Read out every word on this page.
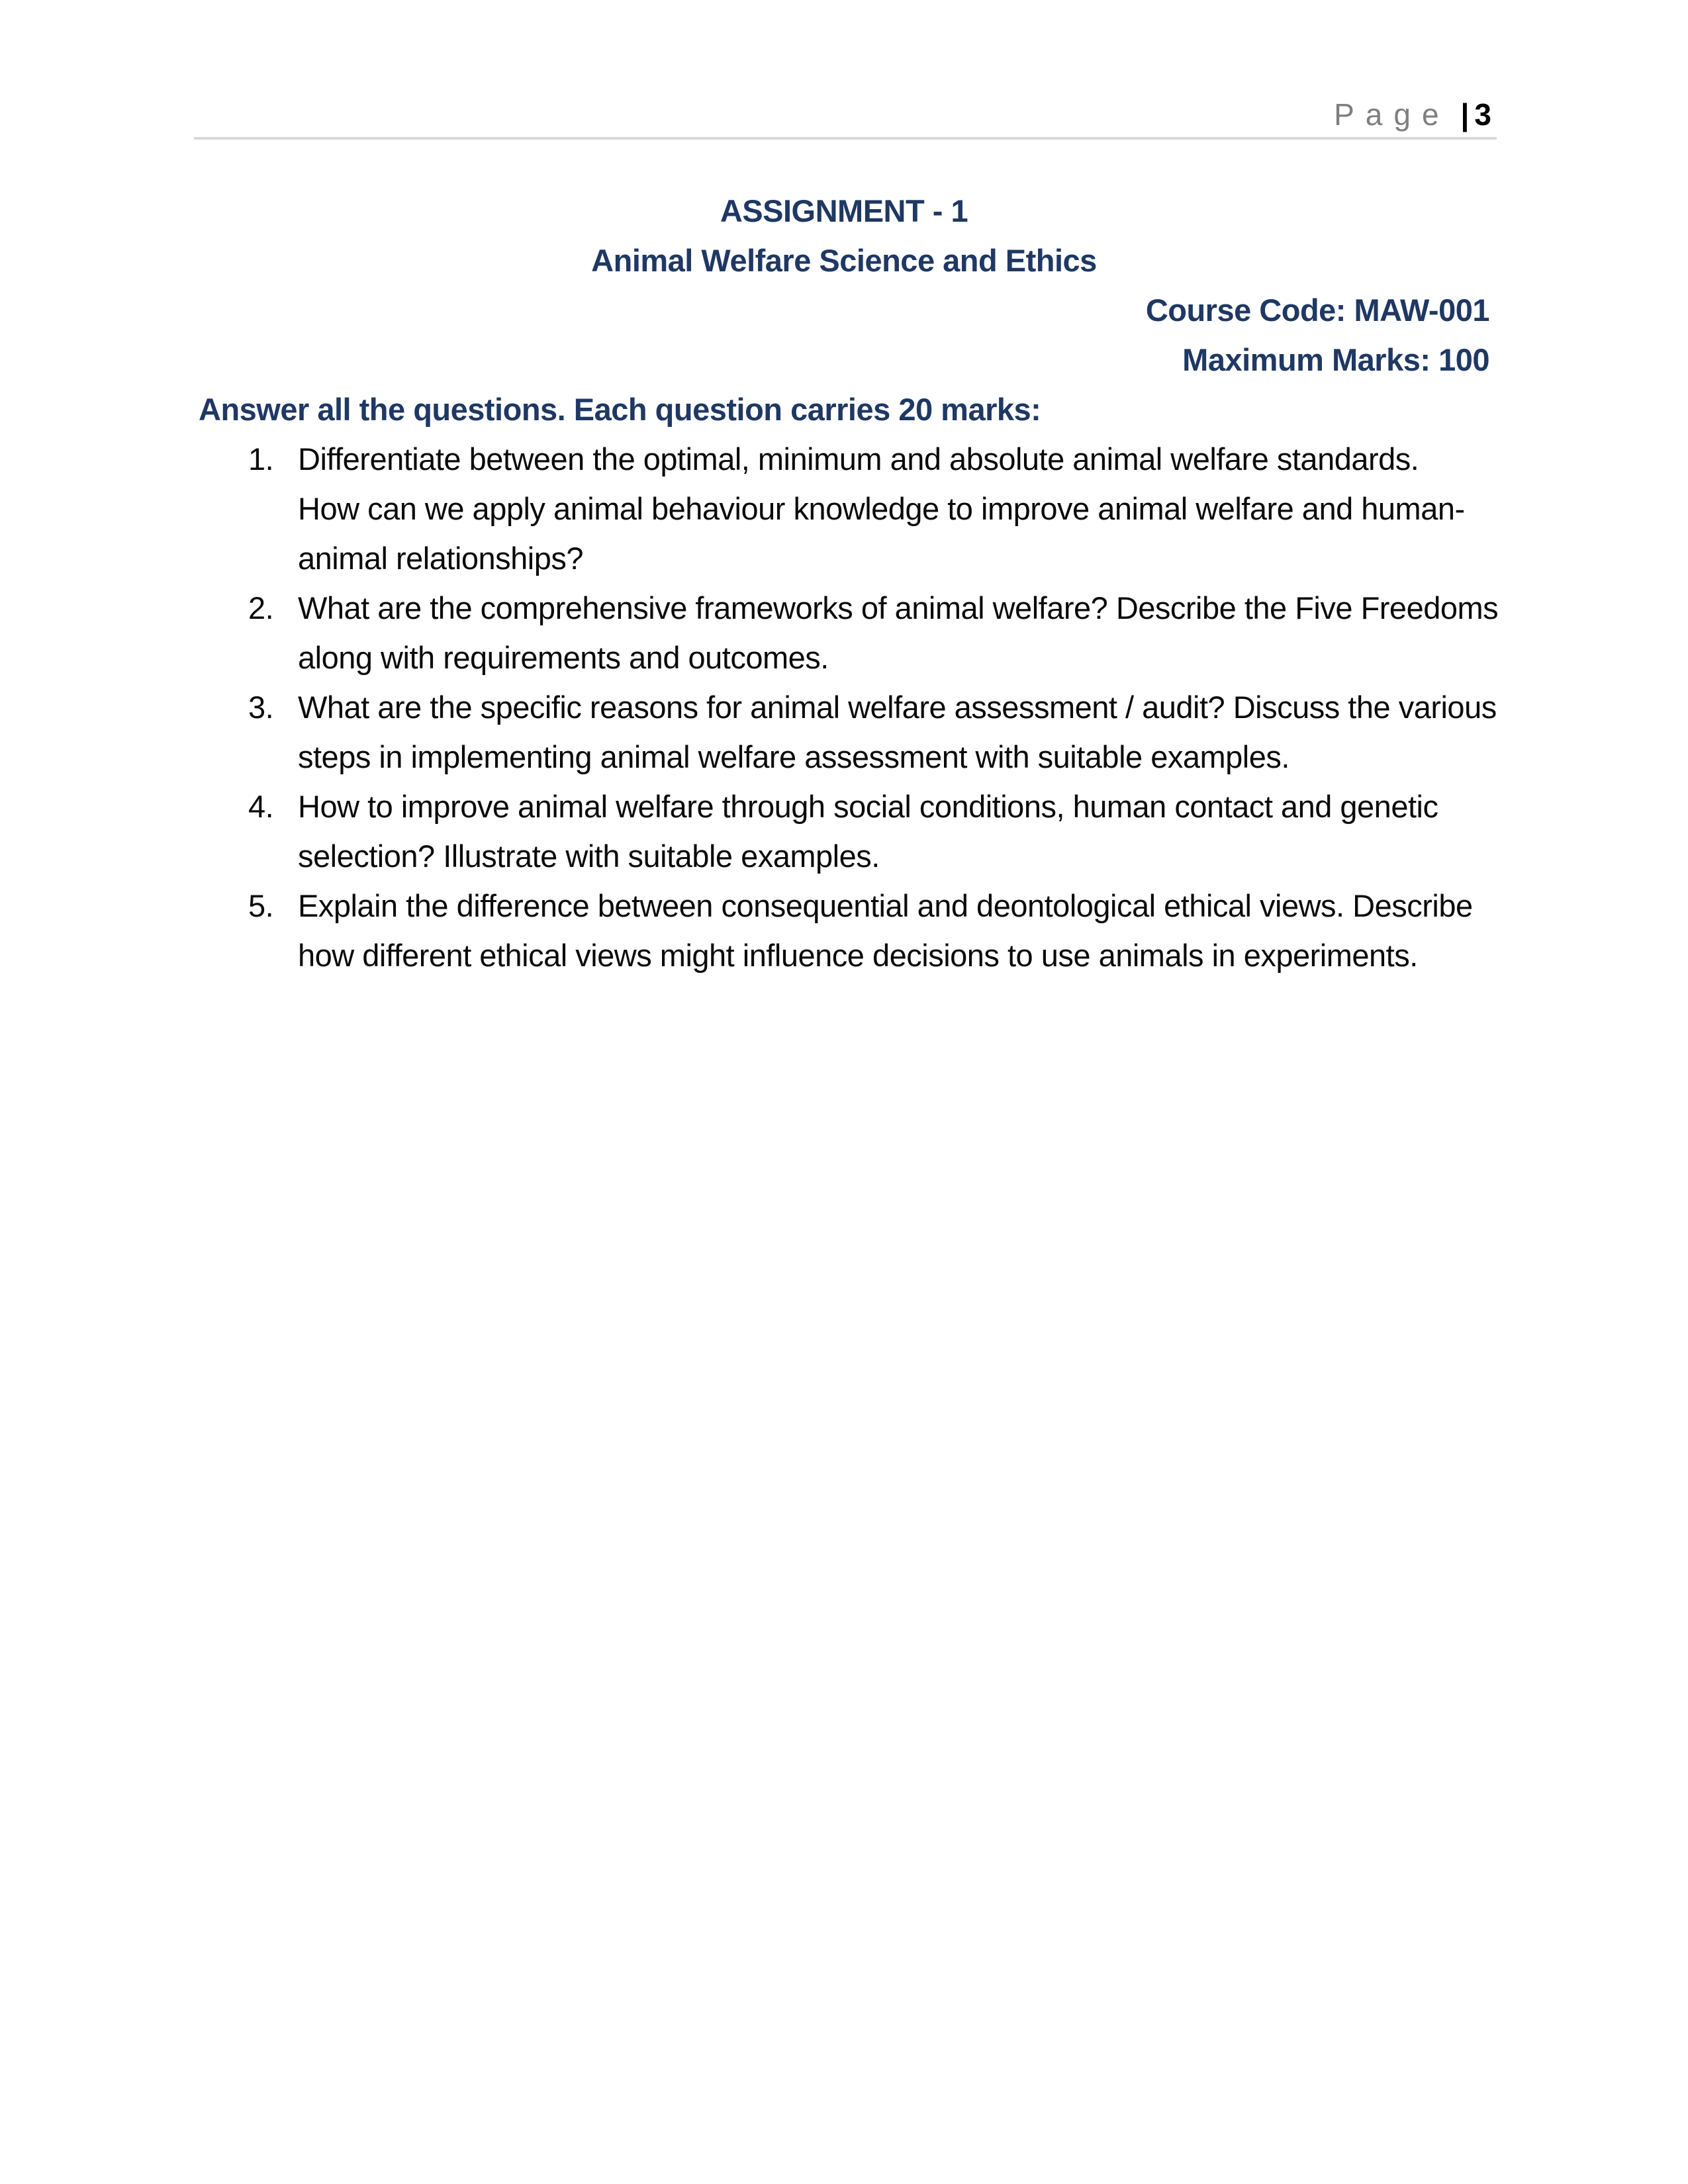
Page | 3
ASSIGNMENT - 1
Animal Welfare Science and Ethics
Course Code: MAW-001
Maximum Marks: 100
Answer all the questions. Each question carries 20 marks:
1. Differentiate between the optimal, minimum and absolute animal welfare standards.
How can we apply animal behaviour knowledge to improve animal welfare and human-
animal relationships?
2. What are the comprehensive frameworks of animal welfare? Describe the Five Freedoms
along with requirements and outcomes.
3. What are the specific reasons for animal welfare assessment / audit? Discuss the various
steps in implementing animal welfare assessment with suitable examples.
4. How to improve animal welfare through social conditions, human contact and genetic
selection? Illustrate with suitable examples.
5. Explain the difference between consequential and deontological ethical views. Describe
how different ethical views might influence decisions to use animals in experiments.
